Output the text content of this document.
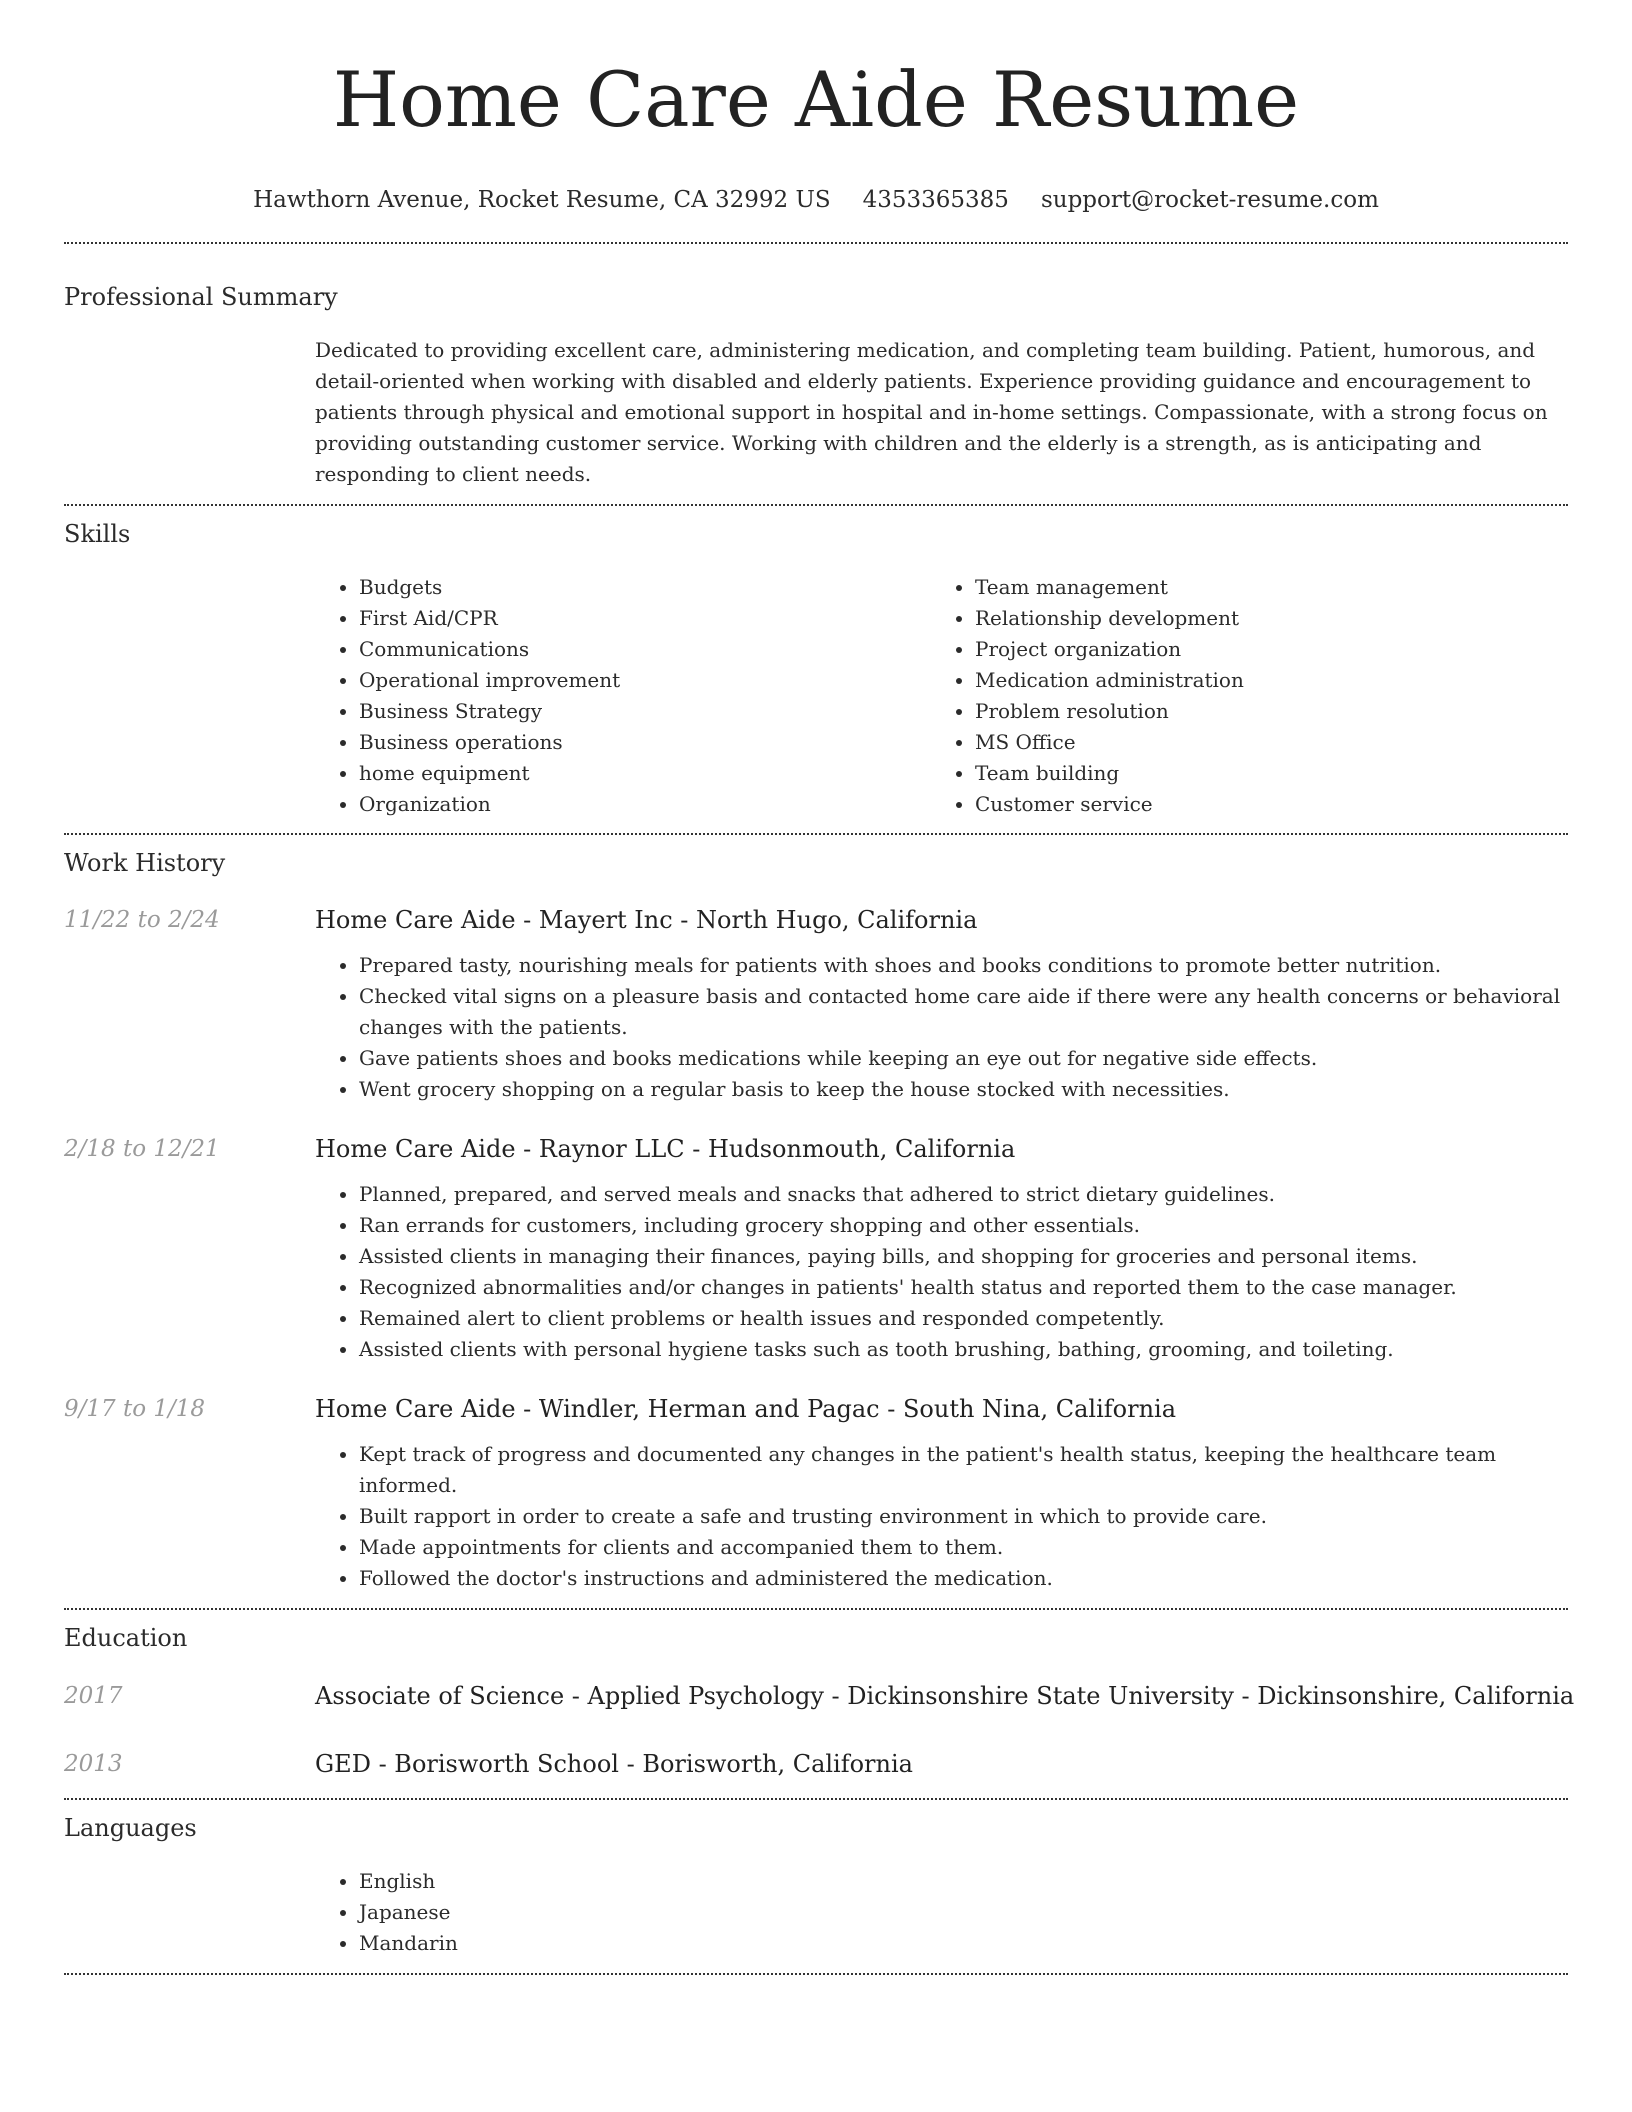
Home Care Aide Resume
Hawthorn Avenue, Rocket Resume, CA 32992 US 4353365385 support@rocket-resume.com
Professional Summary

Dedicated to providing excellent care, administering medication, and completing team building. Patient, humorous, and detail-oriented when working with disabled and elderly patients. Experience providing guidance and encouragement to patients through physical and emotional support in hospital and in-home settings. Compassionate, with a strong focus on providing outstanding customer service. Working with children and the elderly is a strength, as is anticipating and responding to client needs.

Skills
• Budgets
• First Aid/CPR
• Communications
• Operational improvement
• Business Strategy
• Business operations
• home equipment
• Organization
• Team management
• Relationship development
• Project organization
• Medication administration
• Problem resolution
• MS Office
• Team building
• Customer service
Work History
11/22 to 2/24	Home Care Aide - Mayert Inc - North Hugo, California
• Prepared tasty, nourishing meals for patients with shoes and books conditions to promote better nutrition.
• Checked vital signs on a pleasure basis and contacted home care aide if there were any health concerns or behavioral changes with the patients.
• Gave patients shoes and books medications while keeping an eye out for negative side effects.
• Went grocery shopping on a regular basis to keep the house stocked with necessities.
2/18 to 12/21	Home Care Aide - Raynor LLC - Hudsonmouth, California
• Planned, prepared, and served meals and snacks that adhered to strict dietary guidelines.
• Ran errands for customers, including grocery shopping and other essentials.
• Assisted clients in managing their finances, paying bills, and shopping for groceries and personal items.
• Recognized abnormalities and/or changes in patients' health status and reported them to the case manager.
• Remained alert to client problems or health issues and responded competently.
• Assisted clients with personal hygiene tasks such as tooth brushing, bathing, grooming, and toileting.
9/17 to 1/18	Home Care Aide - Windler, Herman and Pagac - South Nina, California
• Kept track of progress and documented any changes in the patient's health status, keeping the healthcare team informed.
• Built rapport in order to create a safe and trusting environment in which to provide care.
• Made appointments for clients and accompanied them to them.
• Followed the doctor's instructions and administered the medication.
Education
2017	Associate of Science - Applied Psychology - Dickinsonshire State University - Dickinsonshire, California
2013	GED - Borisworth School - Borisworth, California
Languages
• English
• Japanese
• Mandarin
